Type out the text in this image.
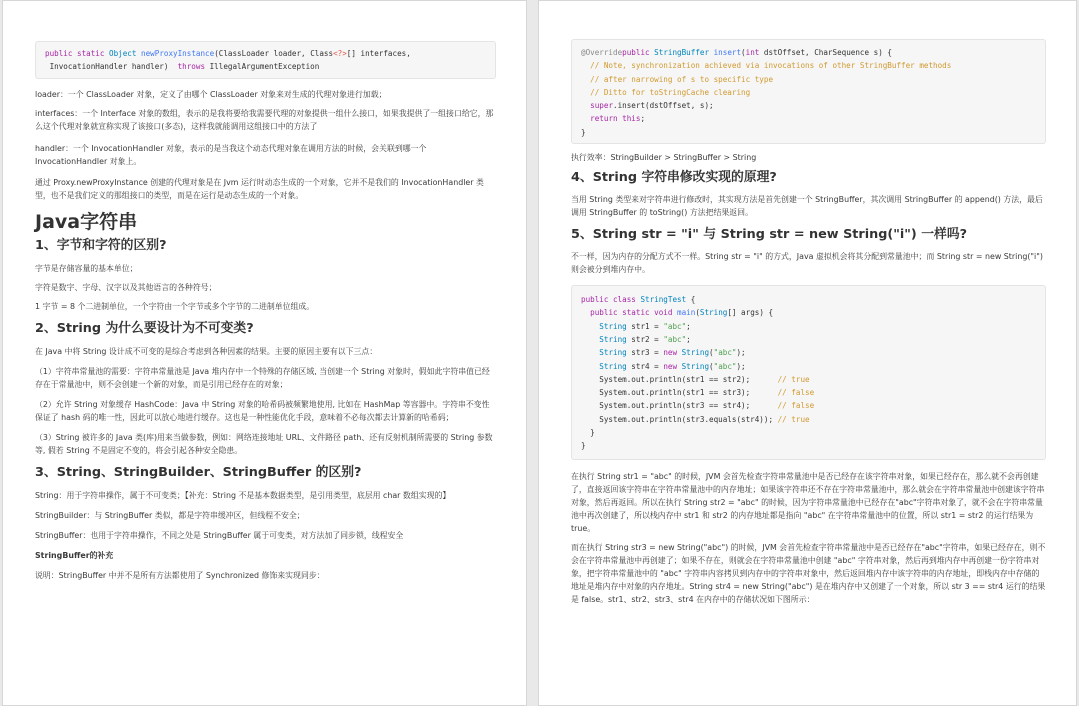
public static Object newProxyInstance(ClassLoader loader, Class<?>[] interfaces,
InvocationHandler handler)  throws IllegalArgumentException

loader：一个 ClassLoader 对象，定义了由哪个 ClassLoader 对象来对生成的代理对象进行加载；

interfaces：一个 Interface 对象的数组，表示的是我将要给我需要代理的对象提供一组什么接口，如果我提供了一组接口给它，那么这个代理对象就宣称实现了该接口(多态)，这样我就能调用这组接口中的方法了

handler：一个 InvocationHandler 对象，表示的是当我这个动态代理对象在调用方法的时候，会关联到哪一个 InvocationHandler 对象上。

通过 Proxy.newProxyInstance 创建的代理对象是在 Jvm 运行时动态生成的一个对象，它并不是我们的 InvocationHandler 类型，也不是我们定义的那组接口的类型，而是在运行是动态生成的一个对象。

Java字符串
1、字节和字符的区别?

字节是存储容量的基本单位；

字符是数字、字母、汉字以及其他语言的各种符号；

1 字节 = 8 个二进制单位，一个字符由一个字节或多个字节的二进制单位组成。

2、String 为什么要设计为不可变类?

在 Java 中将 String 设计成不可变的是综合考虑到各种因素的结果。主要的原因主要有以下三点：

（1）字符串常量池的需要：字符串常量池是 Java 堆内存中一个特殊的存储区域, 当创建一个 String 对象时，假如此字符串值已经存在于常量池中，则不会创建一个新的对象，而是引用已经存在的对象；

（2）允许 String 对象缓存 HashCode：Java 中 String 对象的哈希码被频繁地使用, 比如在 HashMap 等容器中。字符串不变性保证了 hash 码的唯一性，因此可以放心地进行缓存。这也是一种性能优化手段，意味着不必每次都去计算新的哈希码；

（3）String 被许多的 Java 类(库)用来当做参数，例如：网络连接地址 URL、文件路径 path、还有反射机制所需要的 String 参数等, 假若 String 不是固定不变的，将会引起各种安全隐患。

3、String、StringBuilder、StringBuffer 的区别?

String：用于字符串操作，属于不可变类；【补充：String 不是基本数据类型，是引用类型，底层用 char 数组实现的】

StringBuilder：与 StringBuffer 类似，都是字符串缓冲区，但线程不安全；

StringBuffer：也用于字符串操作，不同之处是 StringBuffer 属于可变类，对方法加了同步锁，线程安全

StringBuffer的补充

说明：StringBuffer 中并不是所有方法都使用了 Synchronized 修饰来实现同步：

@Overridepublic StringBuffer insert(int dstOffset, CharSequence s) {
// Note, synchronization achieved via invocations of other StringBuffer methods
// after narrowing of s to specific type
// Ditto for toStringCache clearing
super.insert(dstOffset, s);
return this;
}

执行效率：StringBuilder > StringBuffer > String

4、String 字符串修改实现的原理?

当用 String 类型来对字符串进行修改时，其实现方法是首先创建一个 StringBuffer，其次调用 StringBuffer 的 append() 方法，最后调用 StringBuffer 的 toString() 方法把结果返回。

5、String str = "i" 与 String str = new String("i") 一样吗?

不一样，因为内存的分配方式不一样。String str = "i" 的方式，Java 虚拟机会将其分配到常量池中；而 String str = new String("i") 则会被分到堆内存中。

public class StringTest {
public static void main(String[] args) {
String str1 = "abc";
String str2 = "abc";
String str3 = new String("abc");
String str4 = new String("abc");
System.out.println(str1 == str2);      // true
System.out.println(str1 == str3);      // false
System.out.println(str3 == str4);      // false
System.out.println(str3.equals(str4)); // true
}
}

在执行 String str1 = "abc" 的时候，JVM 会首先检查字符串常量池中是否已经存在该字符串对象，如果已经存在，那么就不会再创建了，直接返回该字符串在字符串常量池中的内存地址；如果该字符串还不存在字符串常量池中，那么就会在字符串常量池中创建该字符串对象，然后再返回。所以在执行 String str2 = "abc" 的时候，因为字符串常量池中已经存在"abc"字符串对象了，就不会在字符串常量池中再次创建了，所以栈内存中 str1 和 str2 的内存地址都是指向 "abc" 在字符串常量池中的位置，所以 str1 = str2 的运行结果为 true。

而在执行 String str3 = new String("abc") 的时候，JVM 会首先检查字符串常量池中是否已经存在"abc"字符串，如果已经存在，则不会在字符串常量池中再创建了；如果不存在，则就会在字符串常量池中创建 "abc" 字符串对象，然后再到堆内存中再创建一份字符串对象，把字符串常量池中的 "abc" 字符串内容拷贝到内存中的字符串对象中，然后返回堆内存中该字符串的内存地址，即栈内存中存储的地址是堆内存中对象的内存地址。String str4 = new String("abc") 是在堆内存中又创建了一个对象，所以 str 3 == str4 运行的结果是 false。str1、str2、str3、str4 在内存中的存储状况如下图所示：
